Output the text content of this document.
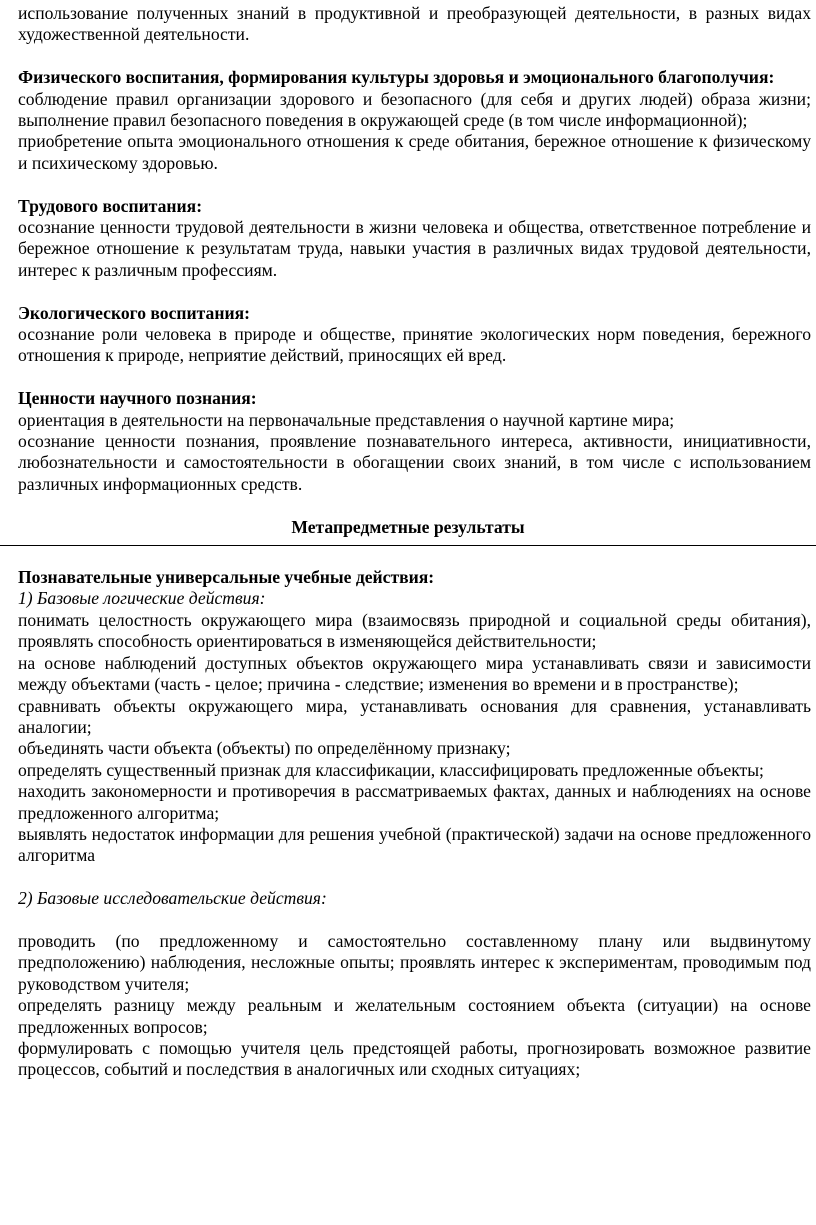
использование полученных знаний в продуктивной и преобразующей деятельности, в разных видах художественной деятельности.

Физического воспитания, формирования культуры здоровья и эмоционального благополучия:

соблюдение правил организации здорового и безопасного (для себя и других людей) образа жизни; выполнение правил безопасного поведения в окружающей среде (в том числе информационной);

приобретение опыта эмоционального отношения к среде обитания, бережное отношение к физическому и психическому здоровью.

Трудового воспитания:

осознание ценности трудовой деятельности в жизни человека и общества, ответственное потребление и бережное отношение к результатам труда, навыки участия в различных видах трудовой деятельности, интерес к различным профессиям.

Экологического воспитания:

осознание роли человека в природе и обществе, принятие экологических норм поведения, бережного отношения к природе, неприятие действий, приносящих ей вред.

Ценности научного познания:

ориентация в деятельности на первоначальные представления о научной картине мира;

осознание ценности познания, проявление познавательного интереса, активности, инициативности, любознательности и самостоятельности в обогащении своих знаний, в том числе с использованием различных информационных средств.

Метапредметные результаты

Познавательные универсальные учебные действия:

1) Базовые логические действия:

понимать целостность окружающего мира (взаимосвязь природной и социальной среды обитания), проявлять способность ориентироваться в изменяющейся действительности;

на основе наблюдений доступных объектов окружающего мира устанавливать связи и зависимости между объектами (часть - целое; причина - следствие; изменения во времени и в пространстве);

сравнивать объекты окружающего мира, устанавливать основания для сравнения, устанавливать аналогии;

объединять части объекта (объекты) по определённому признаку;

определять существенный признак для классификации, классифицировать предложенные объекты;

находить закономерности и противоречия в рассматриваемых фактах, данных и наблюдениях на основе предложенного алгоритма;

выявлять недостаток информации для решения учебной (практической) задачи на основе предложенного алгоритма

2) Базовые исследовательские действия:

проводить (по предложенному и самостоятельно составленному плану или выдвинутому предположению) наблюдения, несложные опыты; проявлять интерес к экспериментам, проводимым под руководством учителя;

определять разницу между реальным и желательным состоянием объекта (ситуации) на основе предложенных вопросов;

формулировать с помощью учителя цель предстоящей работы, прогнозировать возможное развитие процессов, событий и последствия в аналогичных или сходных ситуациях;
